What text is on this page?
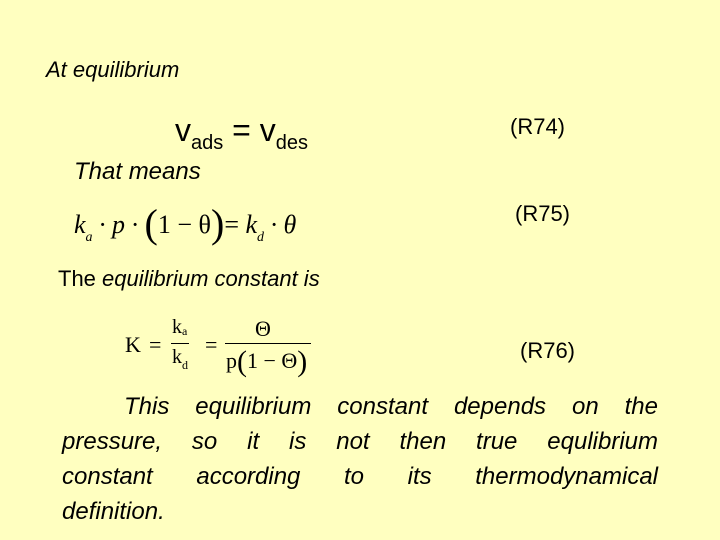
At equilibrium
$v_{ads} = v_{des}$
(R74)
That means
$k_a \cdot p \cdot (1 - \theta)= k_d \cdot \theta$	(R75)
The equilibrium constant is
K =
ka
$k_d$
=
Θ
p(1 − Θ)	(R76)
This equilibrium constant depends on the
pressure, so it is not then true equlibrium
constant according to its thermodynamical
definition.
